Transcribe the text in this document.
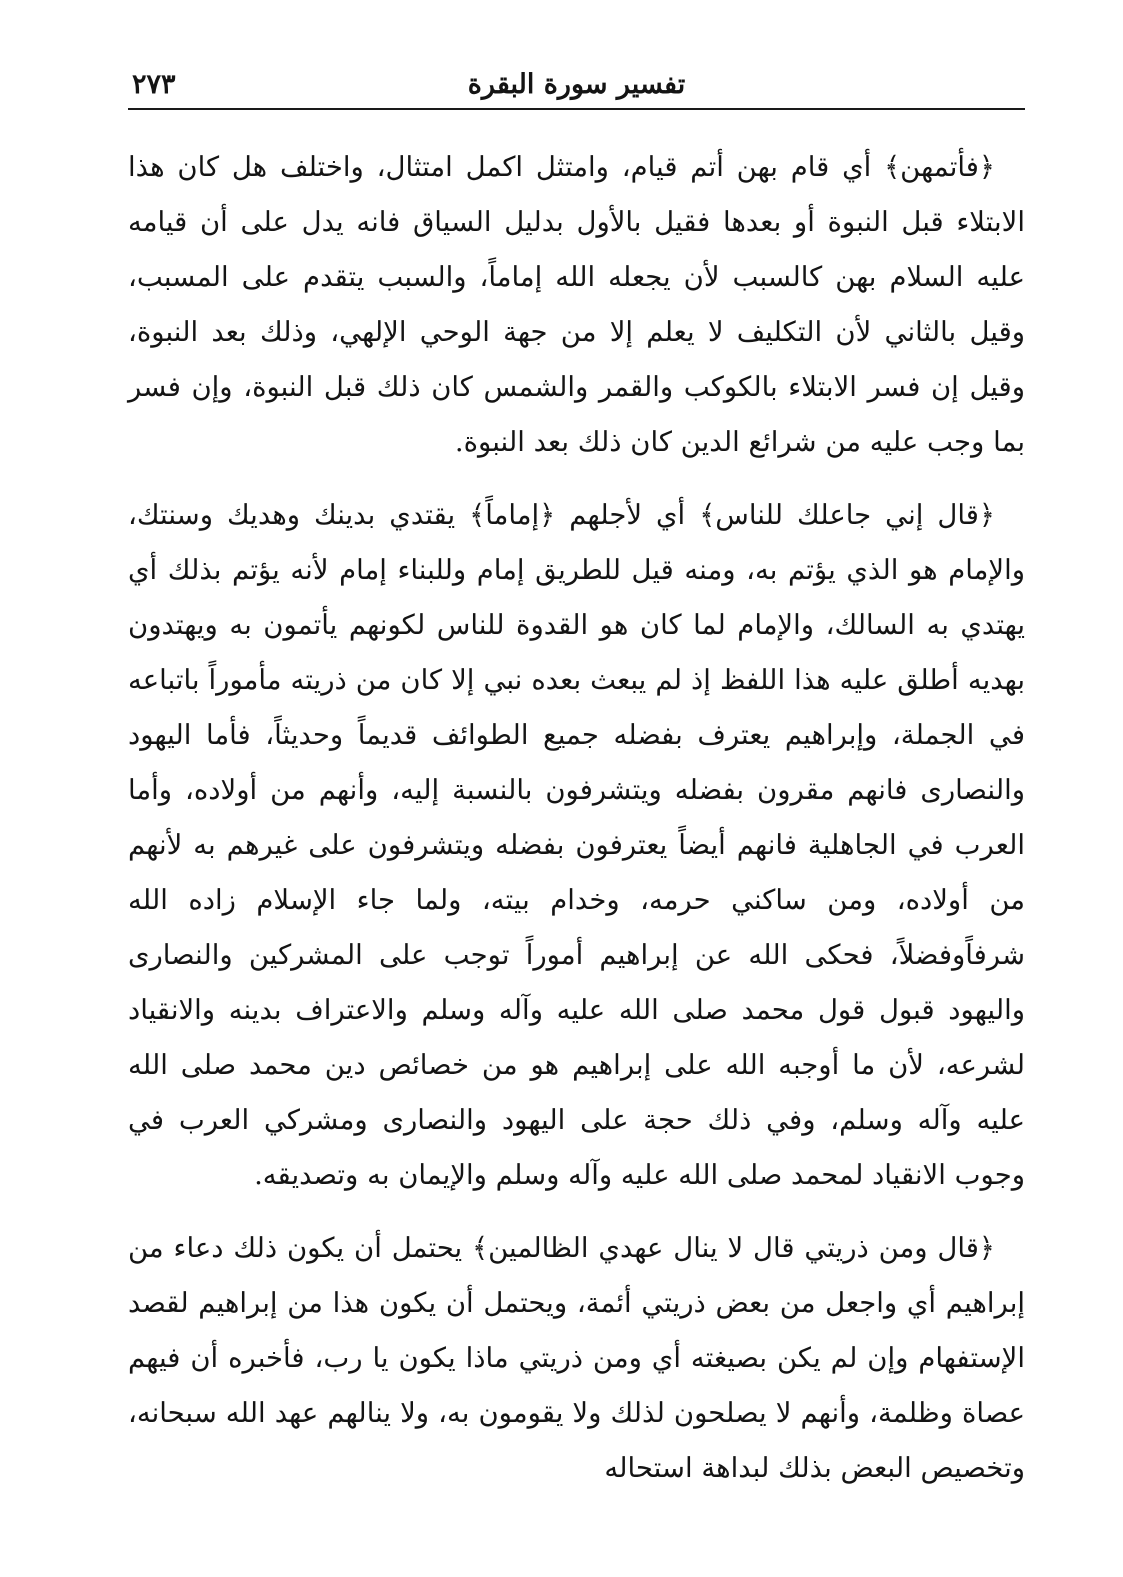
تفسير سورة البقرة
٢٧٣

﴿فأتمهن﴾ أي قام بهن أتم قيام، وامتثل اكمل امتثال، واختلف هل كان هذا الابتلاء قبل النبوة أو بعدها فقيل بالأول بدليل السياق فانه يدل على أن قيامه عليه السلام بهن كالسبب لأن يجعله الله إماماً، والسبب يتقدم على المسبب، وقيل بالثاني لأن التكليف لا يعلم إلا من جهة الوحي الإلهي، وذلك بعد النبوة، وقيل إن فسر الابتلاء بالكوكب والقمر والشمس كان ذلك قبل النبوة، وإن فسر بما وجب عليه من شرائع الدين كان ذلك بعد النبوة.

﴿قال إني جاعلك للناس﴾ أي لأجلهم ﴿إماماً﴾ يقتدي بدينك وهديك وسنتك، والإمام هو الذي يؤتم به، ومنه قيل للطريق إمام وللبناء إمام لأنه يؤتم بذلك أي يهتدي به السالك، والإمام لما كان هو القدوة للناس لكونهم يأتمون به ويهتدون بهديه أطلق عليه هذا اللفظ إذ لم يبعث بعده نبي إلا كان من ذريته مأموراً باتباعه في الجملة، وإبراهيم يعترف بفضله جميع الطوائف قديماً وحديثاً، فأما اليهود والنصارى فانهم مقرون بفضله ويتشرفون بالنسبة إليه، وأنهم من أولاده، وأما العرب في الجاهلية فانهم أيضاً يعترفون بفضله ويتشرفون على غيرهم به لأنهم من أولاده، ومن ساكني حرمه، وخدام بيته، ولما جاء الإسلام زاده الله شرفاًوفضلاً، فحكى الله عن إبراهيم أموراً توجب على المشركين والنصارى واليهود قبول قول محمد صلى الله عليه وآله وسلم والاعتراف بدينه والانقياد لشرعه، لأن ما أوجبه الله على إبراهيم هو من خصائص دين محمد صلى الله عليه وآله وسلم، وفي ذلك حجة على اليهود والنصارى ومشركي العرب في وجوب الانقياد لمحمد صلى الله عليه وآله وسلم والإيمان به وتصديقه.

﴿قال ومن ذريتي قال لا ينال عهدي الظالمين﴾ يحتمل أن يكون ذلك دعاء من إبراهيم أي واجعل من بعض ذريتي أئمة، ويحتمل أن يكون هذا من إبراهيم لقصد الإستفهام وإن لم يكن بصيغته أي ومن ذريتي ماذا يكون يا رب، فأخبره أن فيهم عصاة وظلمة، وأنهم لا يصلحون لذلك ولا يقومون به، ولا ينالهم عهد الله سبحانه، وتخصيص البعض بذلك لبداهة استحاله
